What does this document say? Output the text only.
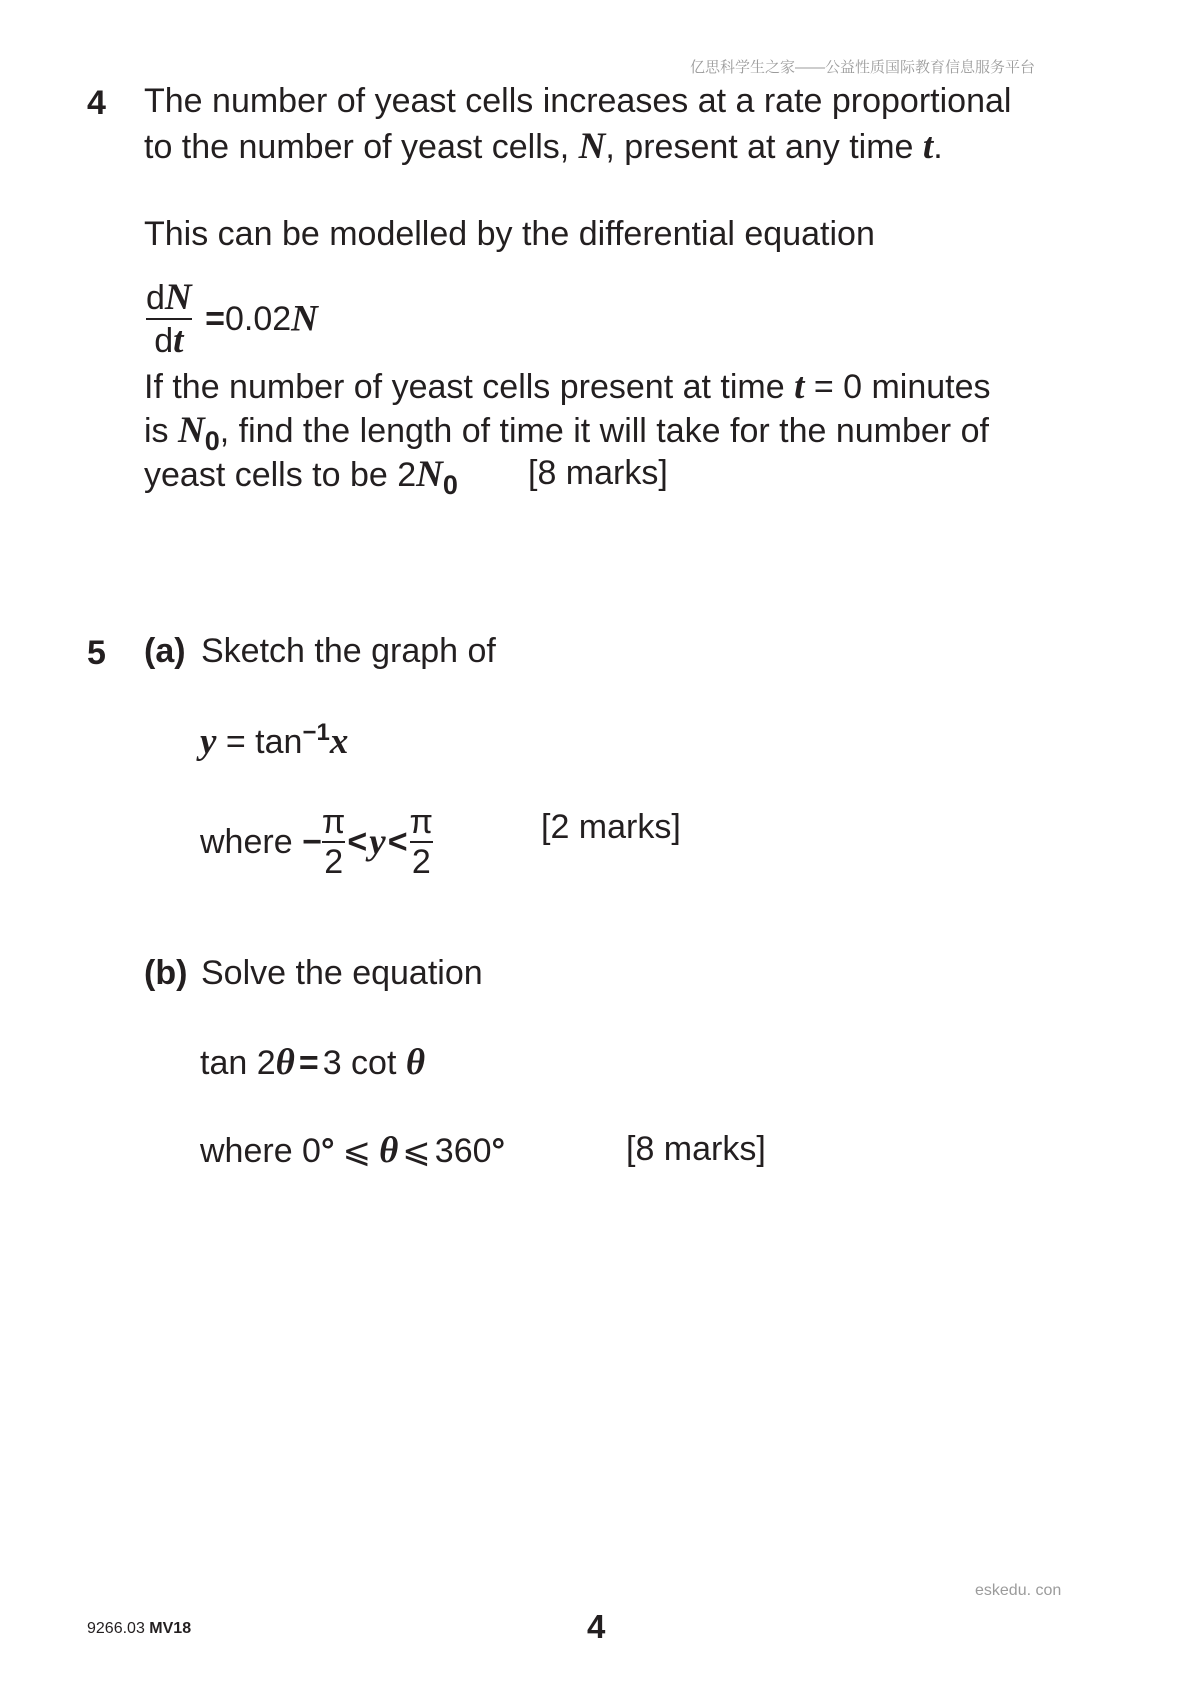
亿思科学生之家——公益性质国际教育信息服务平台
4 The number of yeast cells increases at a rate proportional
to the number of yeast cells, N, present at any time t.
This can be modelled by the differential equation
$\frac{dN}{dt} =0.02N$
If the number of yeast cells present at time t = 0 minutes
is $N_0$, find the length of time it will take for the number of
yeast cells to be $2N_0$ [8 marks]
5 (a) Sketch the graph of
$y = \tan^{-1}x$
where − $\frac{\pi}{2} <y< \frac{\pi}{2}$	[2 marks]
(b) Solve the equation
tan 2θ = 3 cot θ
where 0° ⩽ θ ⩽ 360°	[8 marks]
eskedu. con
9266.03 MV18	4
